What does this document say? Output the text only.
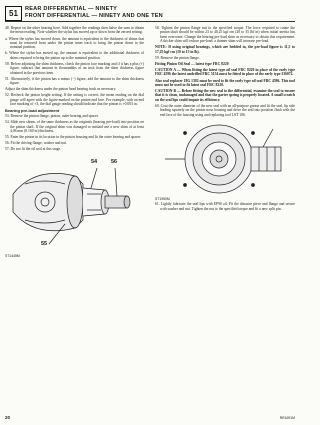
51	REAR DIFFERENTIAL — NINETY
FRONT DIFFERENTIAL — NINETY AND ONE TEN

48. Repeat on the other bearing bore. Add together the readings then halve the sum to obtain the mean reading. Note whether the stylus has moved up or down from the zeroed setting.

a. Where the stylus has moved down, the amount is equivalent to the thickness of shims that must be removed from under the pinion inner track to bring the pinion down to the nominal position.

b. Where the stylus has moved up, the amount is equivalent to the additional thickness of shims required to bring the pinion up to the nominal position.

50. Before adjusting the shim thickness, check the pinion face marking and if it has a plus (+) figure, subtract that amount in thousandths of an inch from the shim thickness figure obtained in the previous item.

51. Alternatively, if the pinion has a minus (−) figure, add the amount to the shim thickness figure.

Adjust the shim thickness under the pinion head bearing track as necessary.

52. Recheck the pinion height setting. If the setting is correct, the mean reading on the dial gauge will agree with the figure marked on the pinion end face. For example, with an end face marking of +3, the dial gauge reading should indicate that the pinion is +0.003 in.

Bearing pre-load adjustment

53. Remove the pinion flange, pinion, outer bearing and spacer.

54. Slide new shims, of the same thickness as the originals (bearing pre-load) into position on the pinion shaft. If the original shim was damaged or mislaid use a new shim of at least 4,06 mm (0.160 in) thickness.

55. Enter the pinion in its location in the pinion housing and fit the outer bearing and spacer.

56. Fit the driving flange, washer and nut.

57. Do not fit the oil seal at this stage.

54	56
55
ST1445M

58. Tighten the pinion flange nut to the specified torque. The force required to rotate the pinion shaft should be within 23 to 40,25 kgf cm (20 to 35 lbf in) when initial inertia has been overcome. Change the bearing pre-load shim as necessary to obtain this requirement. A thicker shim will reduce pre-load; a thinner shim will increase pre-load.

NOTE: If using original bearings, which are bedded in, the pre-load figure is 11,5 to 17,25 kgf cm (10 to 15 in lb).

59. Remove the pinion flange.

Fitting Pinion Oil Seal — latest type FRC 8220

CAUTION A — When fitting the latest type oil seal FRC 8220 in place of the early type FRC 4596 the latest undrilled FRC 5154 must be fitted in place of the early type 236072.

Also seal replacer 18G 1382 must be used to fit the early type oil seal FRC 4596. This tool must not be used to fit latest seal FRC 8220.

CAUTION B — Before fitting the new seal to the differential, examine the seal to ensure that it is clean, undamaged and that the garter spring is properly located. A small scratch on the seal lips could impair its efficiency.

60. Coat the outer diameter of the new seal with an all-purpose grease and fit the seal, lip side leading squarely on the pinion nose housing and drive the seal into position flush with the end face of the housing using and replacing tool LST 106.

ST1950M

61. Lightly lubricate the seal lips with EP90 oil. Fit the distance piece and flange and secure with washer and nut. Tighten the nut to the specified torque and fit a new split pin.

20	RR1691M
